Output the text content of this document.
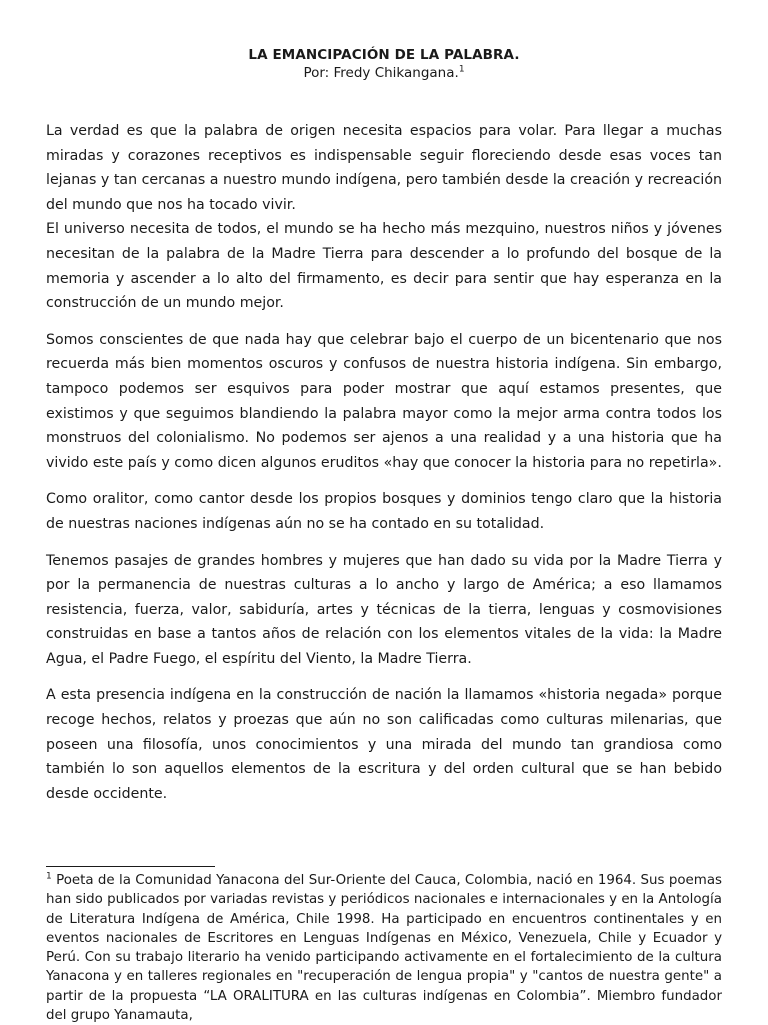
LA EMANCIPACIÓN DE LA PALABRA.
Por: Fredy Chikangana.$^1$

La verdad es que la palabra de origen necesita espacios para volar. Para llegar a muchas miradas y corazones receptivos es indispensable seguir floreciendo desde esas voces tan lejanas y tan cercanas a nuestro mundo indígena, pero también desde la creación y recreación del mundo que nos ha tocado vivir.

El universo necesita de todos, el mundo se ha hecho más mezquino, nuestros niños y jóvenes necesitan de la palabra de la Madre Tierra para descender a lo profundo del bosque de la memoria y ascender a lo alto del firmamento, es decir para sentir que hay esperanza en la construcción de un mundo mejor.

Somos conscientes de que nada hay que celebrar bajo el cuerpo de un bicentenario que nos recuerda más bien momentos oscuros y confusos de nuestra historia indígena. Sin embargo, tampoco podemos ser esquivos para poder mostrar que aquí estamos presentes, que existimos y que seguimos blandiendo la palabra mayor como la mejor arma contra todos los monstruos del colonialismo. No podemos ser ajenos a una realidad y a una historia que ha vivido este país y como dicen algunos eruditos «hay que conocer la historia para no repetirla».

Como oralitor, como cantor desde los propios bosques y dominios tengo claro que la historia de nuestras naciones indígenas aún no se ha contado en su totalidad.

Tenemos pasajes de grandes hombres y mujeres que han dado su vida por la Madre Tierra y por la permanencia de nuestras culturas a lo ancho y largo de América; a eso llamamos resistencia, fuerza, valor, sabiduría, artes y técnicas de la tierra, lenguas y cosmovisiones construidas en base a tantos años de relación con los elementos vitales de la vida: la Madre Agua, el Padre Fuego, el espíritu del Viento, la Madre Tierra.

A esta presencia indígena en la construcción de nación la llamamos «historia negada» porque recoge hechos, relatos y proezas que aún no son calificadas como culturas milenarias, que poseen una filosofía, unos conocimientos y una mirada del mundo tan grandiosa como también lo son aquellos elementos de la escritura y del orden cultural que se han bebido desde occidente.

$^1$ Poeta de la Comunidad Yanacona del Sur-Oriente del Cauca, Colombia, nació en 1964. Sus poemas han sido publicados por variadas revistas y periódicos nacionales e internacionales y en la Antología de Literatura Indígena de América, Chile 1998. Ha participado en encuentros continentales y en eventos nacionales de Escritores en Lenguas Indígenas en México, Venezuela, Chile y Ecuador y Perú. Con su trabajo literario ha venido participando activamente en el fortalecimiento de la cultura Yanacona y en talleres regionales en "recuperación de lengua propia" y "cantos de nuestra gente" a partir de la propuesta “LA ORALITURA en las culturas indígenas en Colombia”. Miembro fundador del grupo Yanamauta,
